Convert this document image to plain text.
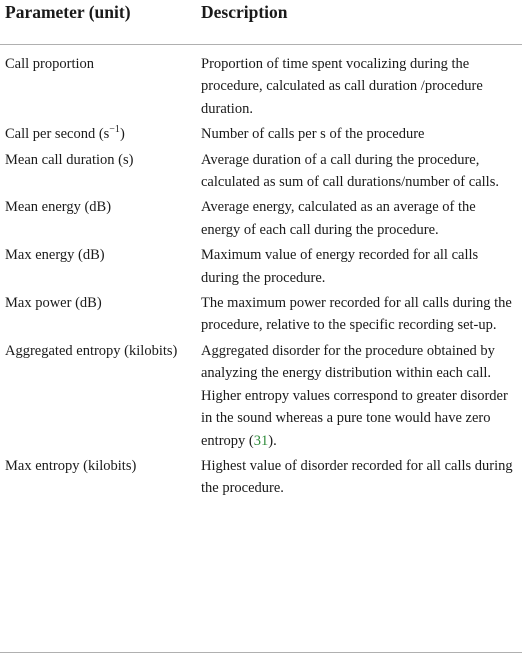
Parameter (unit)	Description
Call proportion	Proportion of time spent vocalizing during the procedure, calculated as call duration /procedure duration.
Call per second $(s^{-1})$	Number of calls per s of the procedure
Mean call duration (s)	Average duration of a call during the procedure, calculated as sum of call durations/number of calls.
Mean energy (dB)	Average energy, calculated as an average of the energy of each call during the procedure.
Max energy (dB)	Maximum value of energy recorded for all calls during the procedure.
Max power (dB)	The maximum power recorded for all calls during the procedure, relative to the specific recording set-up.
Aggregated entropy (kilobits)	Aggregated disorder for the procedure obtained by analyzing the energy distribution within each call. Higher entropy values correspond to greater disorder in the sound whereas a pure tone would have zero entropy (31).
Max entropy (kilobits)	Highest value of disorder recorded for all calls during the procedure.
